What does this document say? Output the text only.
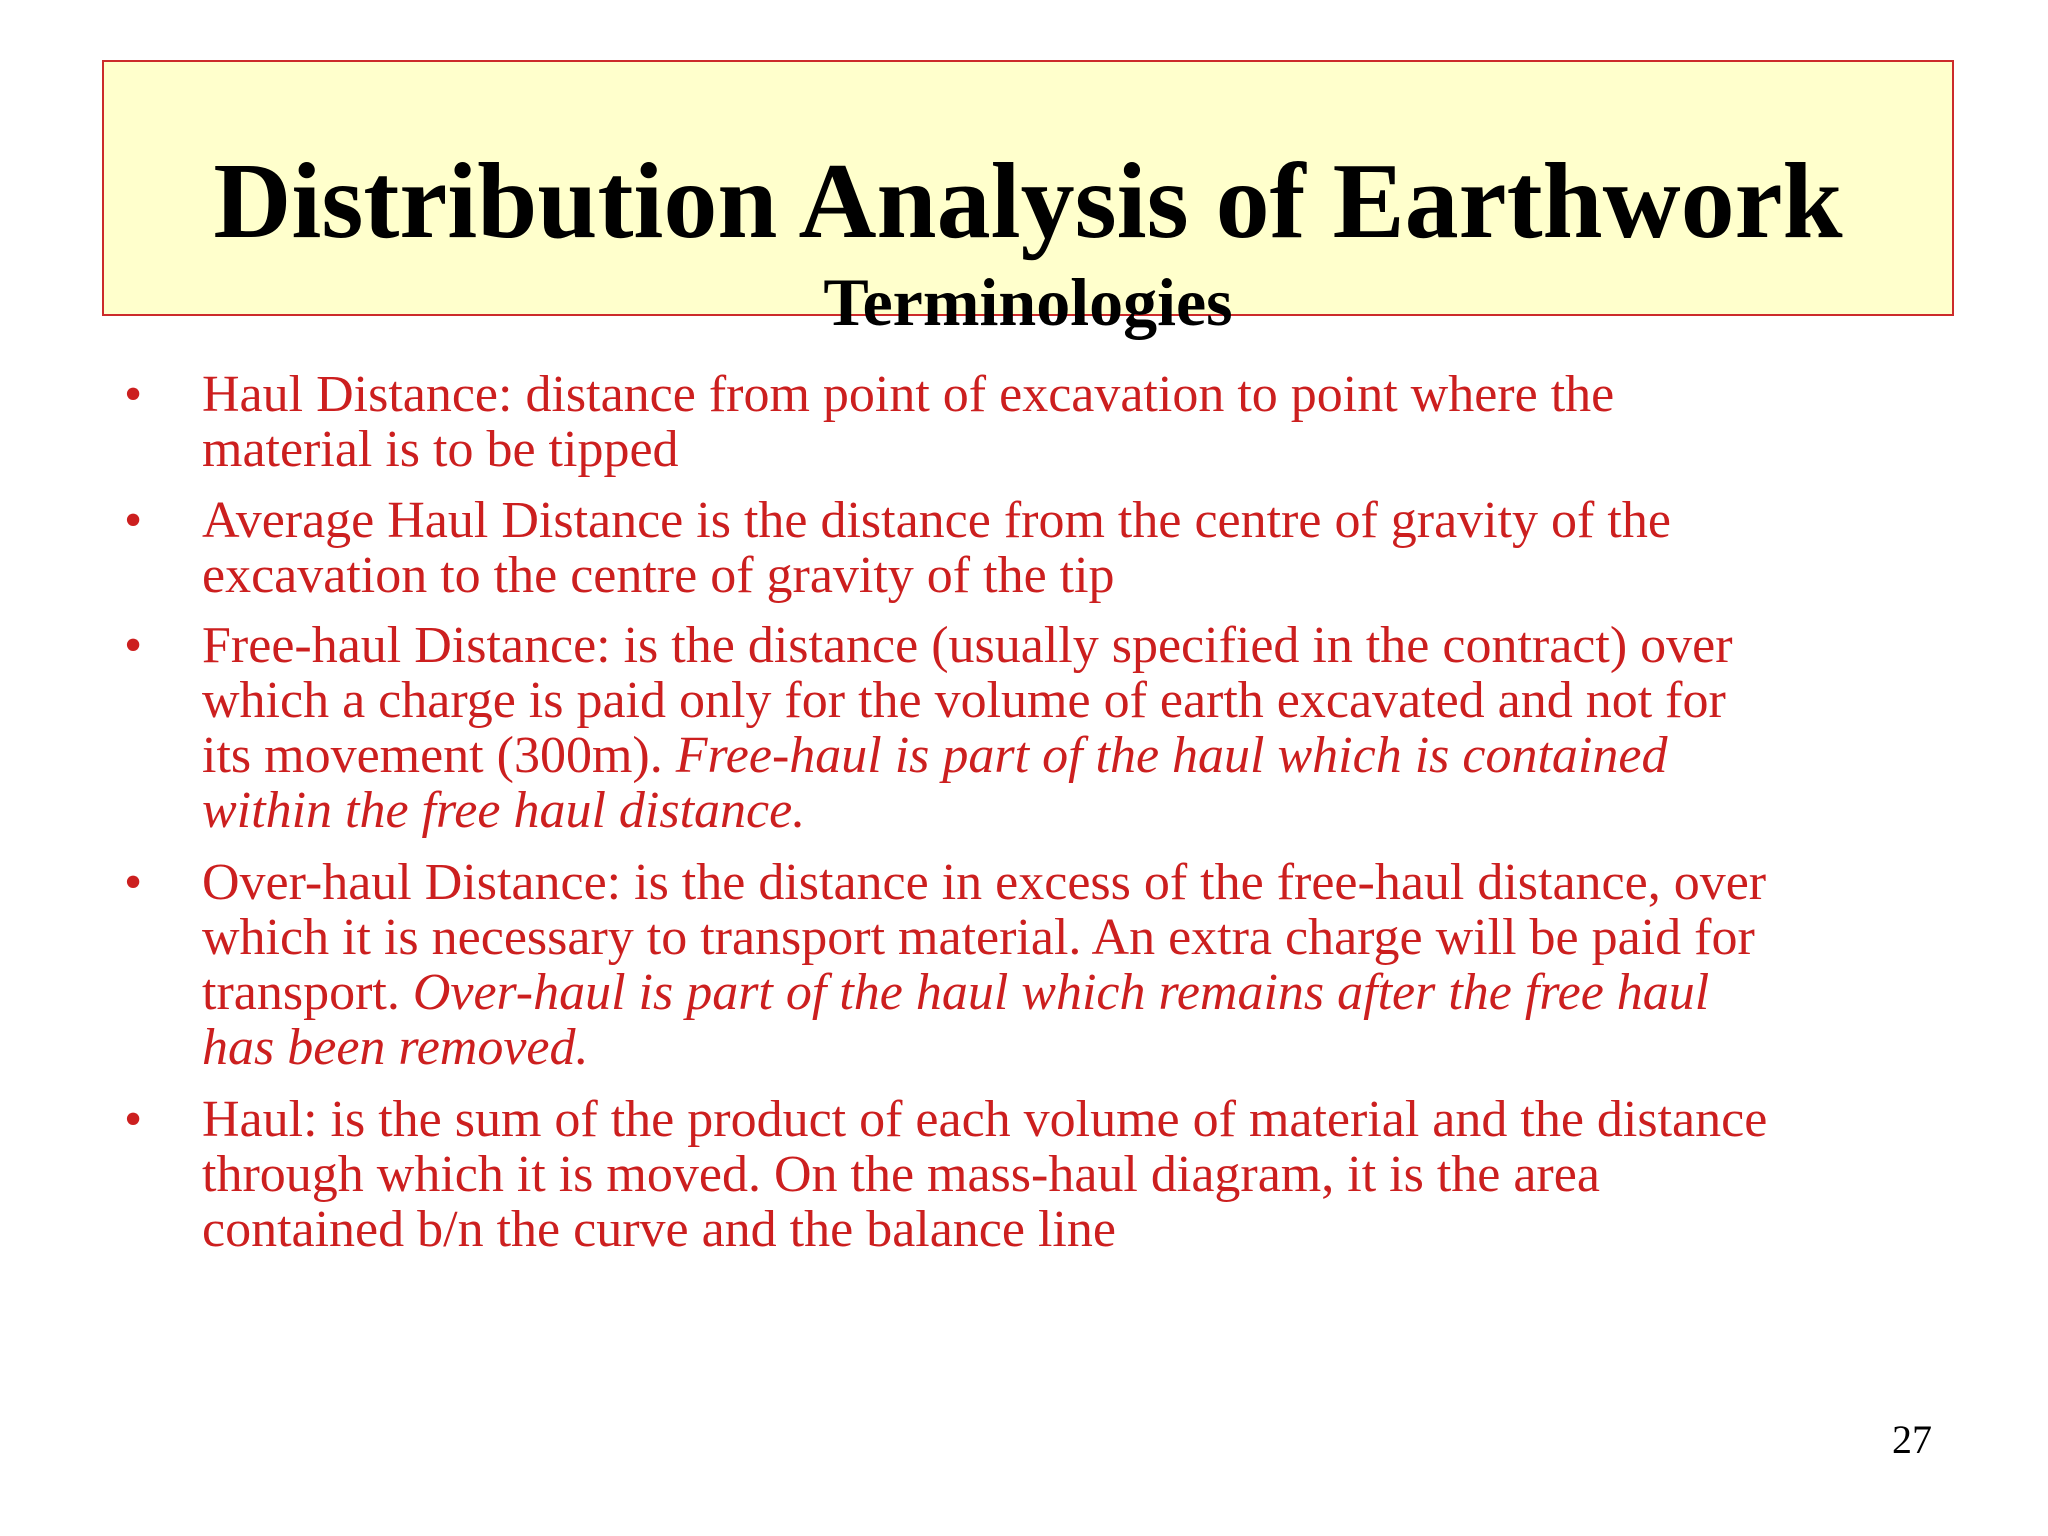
Distribution Analysis of Earthwork
Terminologies
• Haul Distance: distance from point of excavation to point where the
material is to be tipped
• Average Haul Distance is the distance from the centre of gravity of the
excavation to the centre of gravity of the tip
• Free-haul Distance: is the distance (usually specified in the contract) over
which a charge is paid only for the volume of earth excavated and not for
its movement (300m). Free-haul is part of the haul which is contained
within the free haul distance.
• Over-haul Distance: is the distance in excess of the free-haul distance, over
which it is necessary to transport material. An extra charge will be paid for
transport. Over-haul is part of the haul which remains after the free haul
has been removed.
• Haul: is the sum of the product of each volume of material and the distance
through which it is moved. On the mass-haul diagram, it is the area
contained b/n the curve and the balance line
27
